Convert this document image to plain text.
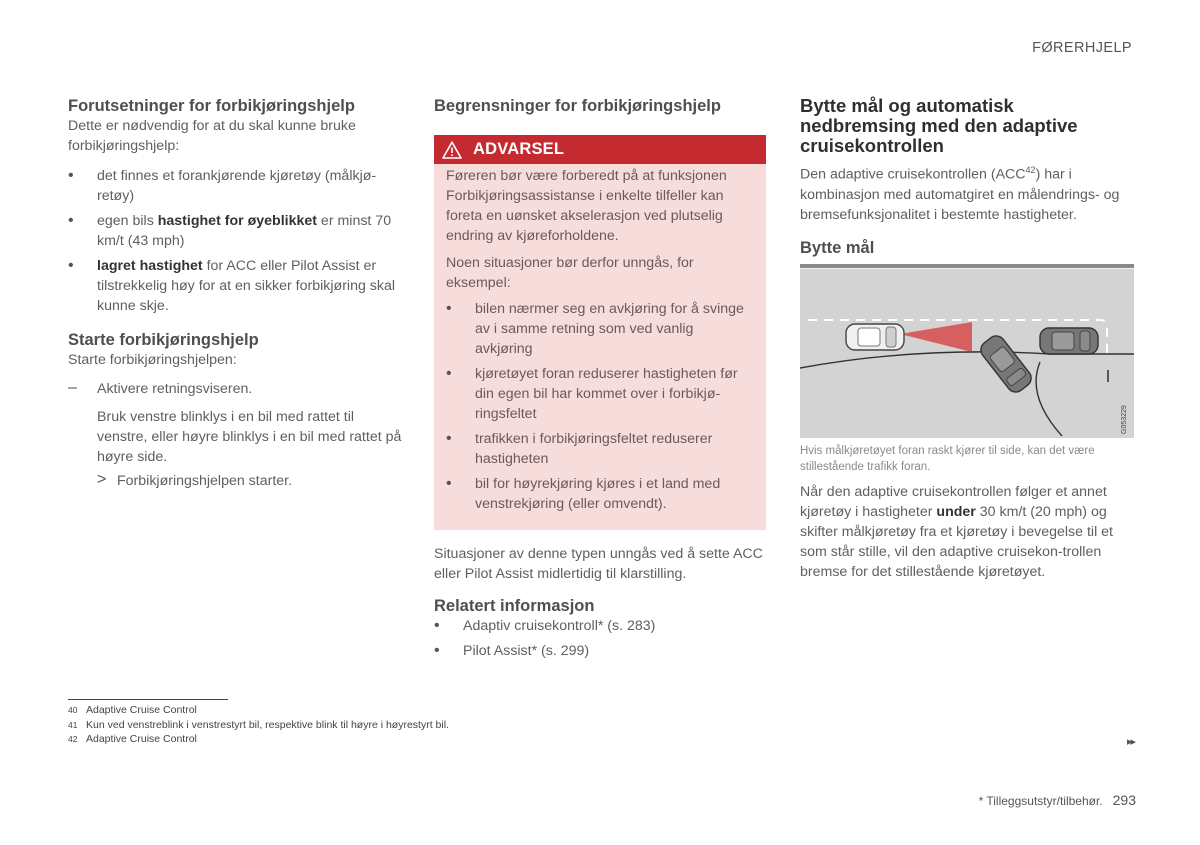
FØRERHJELP
Forutsetninger for forbikjøringshjelp

Dette er nødvendig for at du skal kunne bruke forbikjøringshjelp:

• det finnes et forankjørende kjøretøy (målkjø-retøy)
• egen bils hastighet for øyeblikket er minst 70 km/t (43 mph)
• lagret hastighet for ACC eller Pilot Assist er tilstrekkelig høy for at en sikker forbikjøring skal kunne skje.
Starte forbikjøringshjelp

Starte forbikjøringshjelpen:

– Aktivere retningsviseren.

Bruk venstre blinklys i en bil med rattet til venstre, eller høyre blinklys i en bil med rattet på høyre side.

> Forbikjøringshjelpen starter.

Begrensninger for forbikjøringshjelp
ADVARSEL

Føreren bør være forberedt på at funksjonen Forbikjøringsassistanse i enkelte tilfeller kan foreta en uønsket akselerasjon ved plutselig endring av kjøreforholdene.

Noen situasjoner bør derfor unngås, for eksempel:

• bilen nærmer seg en avkjøring for å svinge av i samme retning som ved vanlig avkjøring
• kjøretøyet foran reduserer hastigheten før din egen bil har kommet over i forbikjø-ringsfeltet
• trafikken i forbikjøringsfeltet reduserer hastigheten
• bil for høyrekjøring kjøres i et land med venstrekjøring (eller omvendt).

Situasjoner av denne typen unngås ved å sette ACC eller Pilot Assist midlertidig til klarstilling.

Relatert informasjon
• Adaptiv cruisekontroll* (s. 283)
• Pilot Assist* (s. 299)
Bytte mål og automatisk nedbremsing med den adaptive cruisekontrollen

Den adaptive cruisekontrollen (ACC$^{42}$) har i kombinasjon med automatgiret en målendrings- og bremsefunksjonalitet i bestemte hastigheter.

Bytte mål
G053229

Hvis målkjøretøyet foran raskt kjører til side, kan det være stillestående trafikk foran.

Når den adaptive cruisekontrollen følger et annet kjøretøy i hastigheter under 30 km/t (20 mph) og skifter målkjøretøy fra et kjøretøy i bevegelse til et som står stille, vil den adaptive cruisekon-trollen bremse for det stillestående kjøretøyet.

40 Adaptive Cruise Control
41 Kun ved venstreblink i venstrestyrt bil, respektive blink til høyre i høyrestyrt bil.
42 Adaptive Cruise Control	▸▸
* Tilleggsutstyr/tilbehør. 293
